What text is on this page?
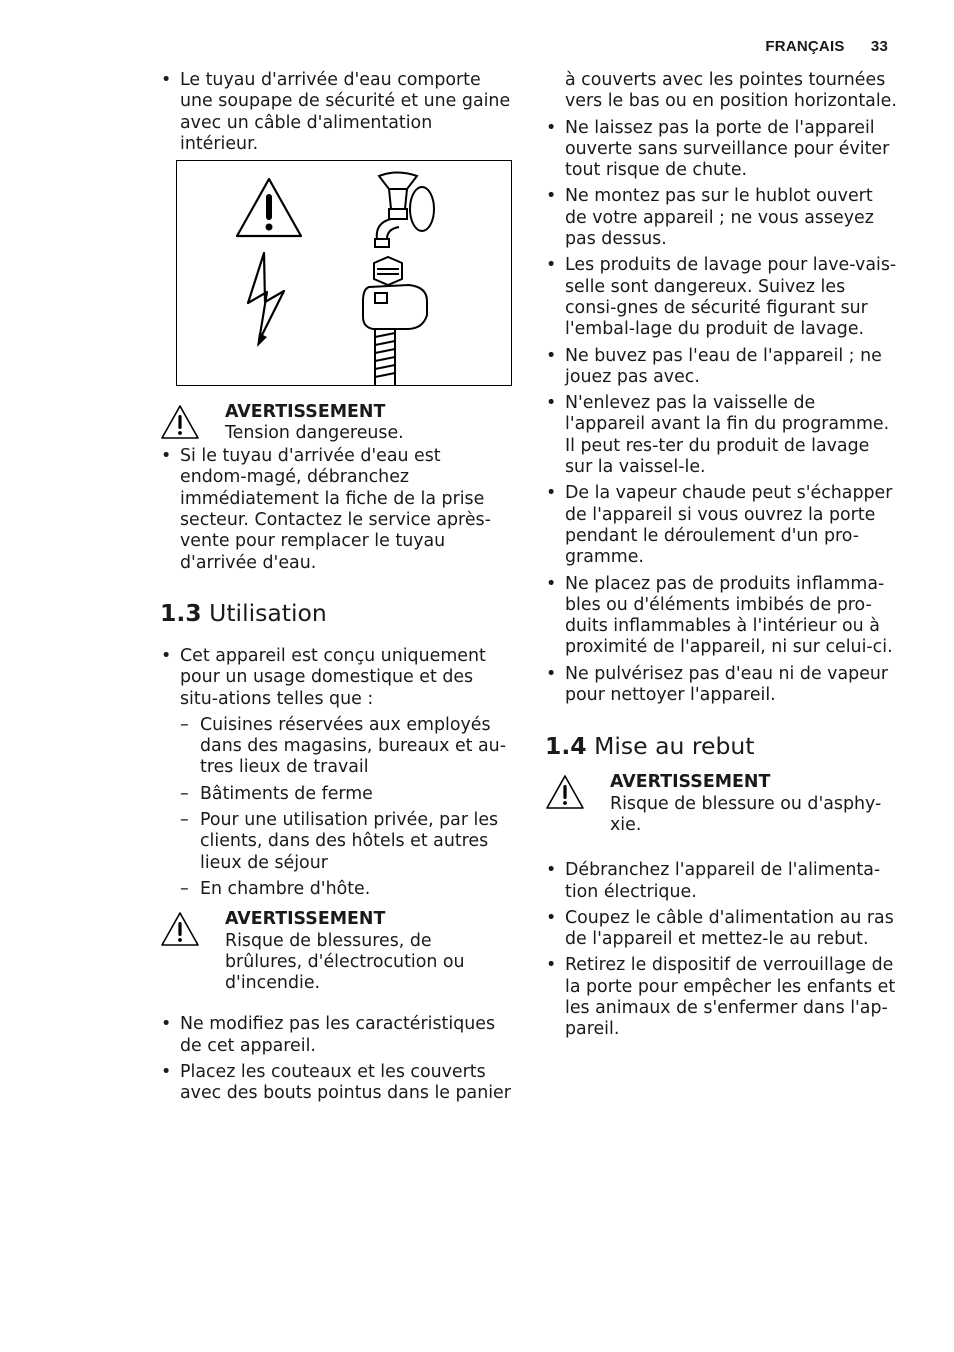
FRANÇAIS 33
• Le tuyau d'arrivée d'eau comporte une soupape de sécurité et une gaine avec un câble d'alimentation intérieur.
AVERTISSEMENT
Tension dangereuse.
• Si le tuyau d'arrivée d'eau est endom-magé, débranchez immédiatement la fiche de la prise secteur. Contactez le service après-vente pour remplacer le tuyau d'arrivée d'eau.
1.3 Utilisation
• Cet appareil est conçu uniquement pour un usage domestique et des situ-ations telles que :
– Cuisines réservées aux employés dans des magasins, bureaux et au-tres lieux de travail
– Bâtiments de ferme
– Pour une utilisation privée, par les clients, dans des hôtels et autres lieux de séjour
– En chambre d'hôte.
AVERTISSEMENT
Risque de blessures, de brûlures, d'électrocution ou d'incendie.
• Ne modifiez pas les caractéristiques de cet appareil.
• Placez les couteaux et les couverts avec des bouts pointus dans le panier
à couverts avec les pointes tournées vers le bas ou en position horizontale.
• Ne laissez pas la porte de l'appareil ouverte sans surveillance pour éviter tout risque de chute.
• Ne montez pas sur le hublot ouvert de votre appareil ; ne vous asseyez pas dessus.
• Les produits de lavage pour lave-vais-selle sont dangereux. Suivez les consi-gnes de sécurité figurant sur l'embal-lage du produit de lavage.
• Ne buvez pas l'eau de l'appareil ; ne jouez pas avec.
• N'enlevez pas la vaisselle de l'appareil avant la fin du programme. Il peut res-ter du produit de lavage sur la vaissel-le.
• De la vapeur chaude peut s'échapper de l'appareil si vous ouvrez la porte pendant le déroulement d'un pro-gramme.
• Ne placez pas de produits inflamma-bles ou d'éléments imbibés de pro-duits inflammables à l'intérieur ou à proximité de l'appareil, ni sur celui-ci.
• Ne pulvérisez pas d'eau ni de vapeur pour nettoyer l'appareil.
1.4 Mise au rebut
AVERTISSEMENT
Risque de blessure ou d'asphy-xie.
• Débranchez l'appareil de l'alimenta-tion électrique.
• Coupez le câble d'alimentation au ras de l'appareil et mettez-le au rebut.
• Retirez le dispositif de verrouillage de la porte pour empêcher les enfants et les animaux de s'enfermer dans l'ap-pareil.
